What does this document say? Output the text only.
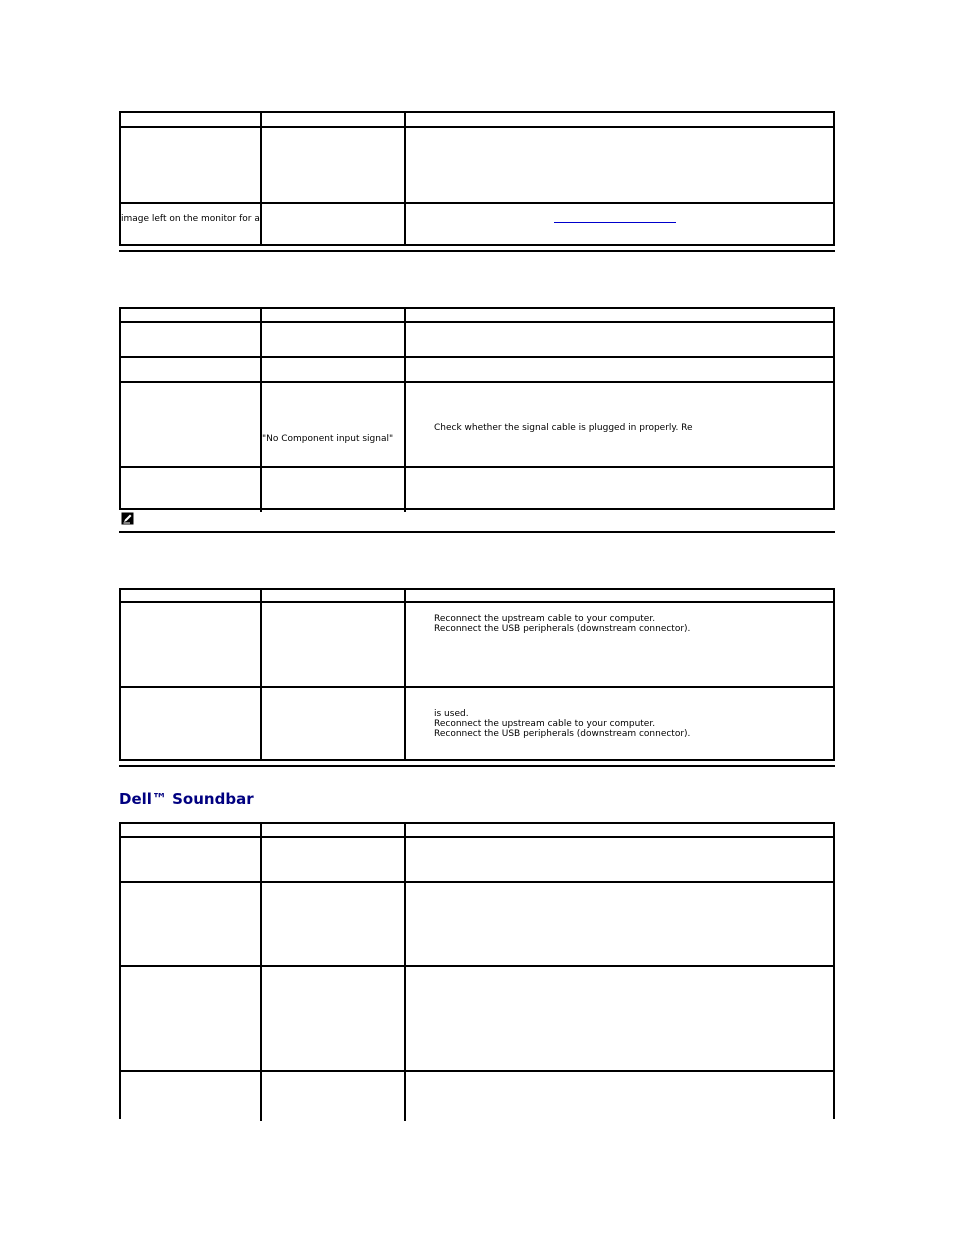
image left on the monitor for a
"No Component input signal"
Check whether the signal cable is plugged in properly. Re
Reconnect the upstream cable to your computer.
Reconnect the USB peripherals (downstream connector).
is used.
Reconnect the upstream cable to your computer.
Reconnect the USB peripherals (downstream connector).
Dell™ Soundbar
